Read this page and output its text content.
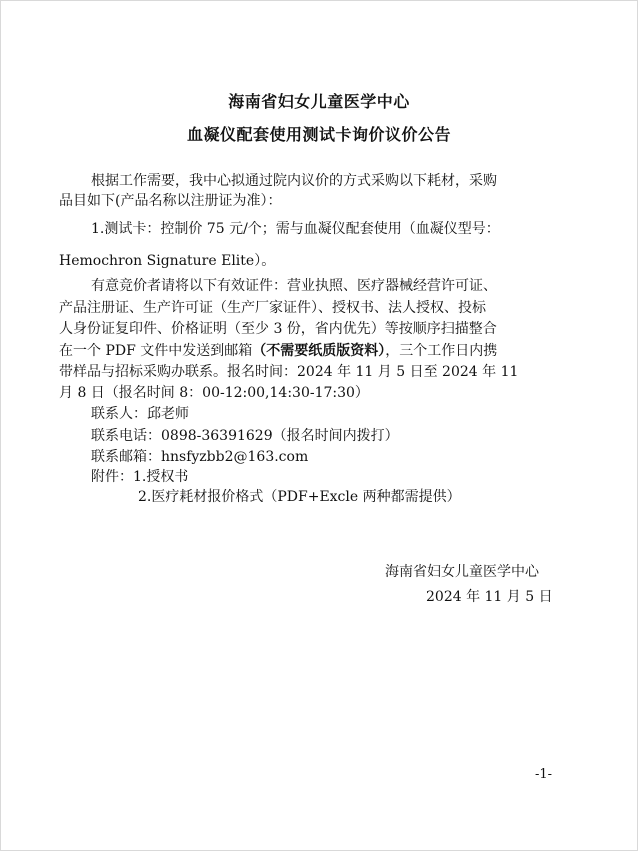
海南省妇女儿童医学中心
血凝仪配套使用测试卡询价议价公告
根据工作需要，我中心拟通过院内议价的方式采购以下耗材，采购
品目如下(产品名称以注册证为准）：
1.测试卡：控制价 75 元/个；需与血凝仪配套使用（血凝仪型号：
Hemochron Signature Elite）。
有意竞价者请将以下有效证件：营业执照、医疗器械经营许可证、
产品注册证、生产许可证（生产厂家证件）、授权书、法人授权、投标
人身份证复印件、价格证明（至少 3 份，省内优先）等按顺序扫描整合
在一个 PDF 文件中发送到邮箱（不需要纸质版资料），三个工作日内携
带样品与招标采购办联系。报名时间：2024 年 11 月 5 日至 2024 年 11
月 8 日（报名时间 8：00-12:00,14:30-17:30）
联系人：邱老师
联系电话：0898-36391629（报名时间内拨打）
联系邮箱：hnsfyzbb2@163.com
附件：1.授权书
2.医疗耗材报价格式（PDF+Excle 两种都需提供）
海南省妇女儿童医学中心
2024 年 11 月 5 日
-1-
